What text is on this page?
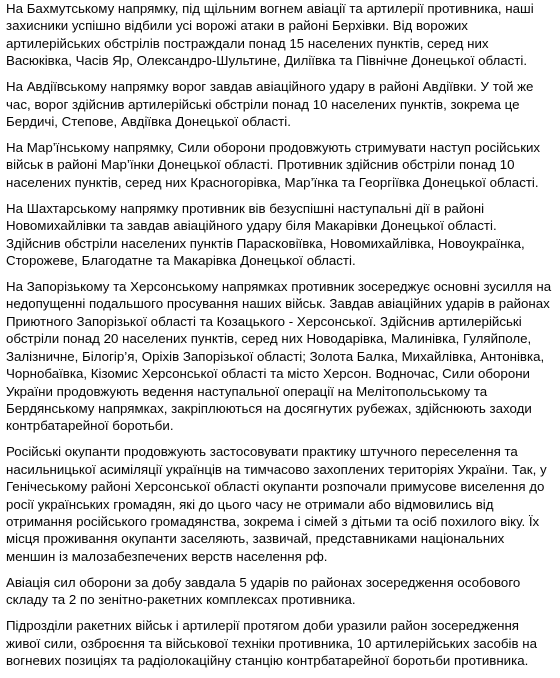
На Бахмутському напрямку, під щільним вогнем авіації та артилерії противника, наші захисники успішно відбили усі ворожі атаки в районі Берхівки. Від ворожих артилерійських обстрілів постраждали понад 15 населених пунктів, серед них Васюківка, Часів Яр, Олександро-Шультине, Диліївка та Північне Донецької області.

На Авдіївському напрямку ворог завдав авіаційного удару в районі Авдіївки. У той же час, ворог здійснив артилерійські обстріли понад 10 населених пунктів, зокрема це Бердичі, Степове, Авдіївка Донецької області.

На Мар’їнському напрямку, Сили оборони продовжують стримувати наступ російських військ в районі Мар’їнки Донецької області. Противник здійснив обстріли понад 10 населених пунктів, серед них Красногорівка, Мар’їнка та Георгіївка Донецької області.

На Шахтарському напрямку противник вів безуспішні наступальні дії в районі Новомихайлівки та завдав авіаційного удару біля Макарівки Донецької області. Здійснив обстріли населених пунктів Парасковіївка, Новомихайлівка, Новоукраїнка, Сторожеве, Благодатне та Макарівка Донецької області.

На Запорізькому та Херсонському напрямках противник зосереджує основні зусилля на недопущенні подальшого просування наших військ. Завдав авіаційних ударів в районах Приютного Запорізької області та Козацького - Херсонської. Здійснив артилерійські обстріли понад 20 населених пунктів, серед них Новодарівка, Малинівка, Гуляйполе, Залізничне, Білогір’я, Оріхів Запорізької області; Золота Балка, Михайлівка, Антонівка, Чорнобаївка, Кізомис Херсонської області та місто Херсон. Водночас, Сили оборони України продовжують ведення наступальної операції на Мелітопольському та Бердянському напрямках, закріплюються на досягнутих рубежах, здійснюють заходи контрбатарейної боротьби.

Російські окупанти продовжують застосовувати практику штучного переселення та насильницької асиміляції українців на тимчасово захоплених територіях України. Так, у Генічеському районі Херсонської області окупанти розпочали примусове виселення до росії українських громадян, які до цього часу не отримали або відмовились від отримання російського громадянства, зокрема і сімей з дітьми та осіб похилого віку. Їх місця проживання окупанти заселяють, зазвичай, представниками національних меншин із малозабезпечених верств населення рф.

Авіація сил оборони за добу завдала 5 ударів по районах зосередження особового складу та 2 по зенітно-ракетних комплексах противника.

Підрозділи ракетних військ і артилерії протягом доби уразили район зосередження живої сили, озброєння та військової техніки противника, 10 артилерійських засобів на вогневих позиціях та радіолокаційну станцію контрбатарейної боротьби противника.
